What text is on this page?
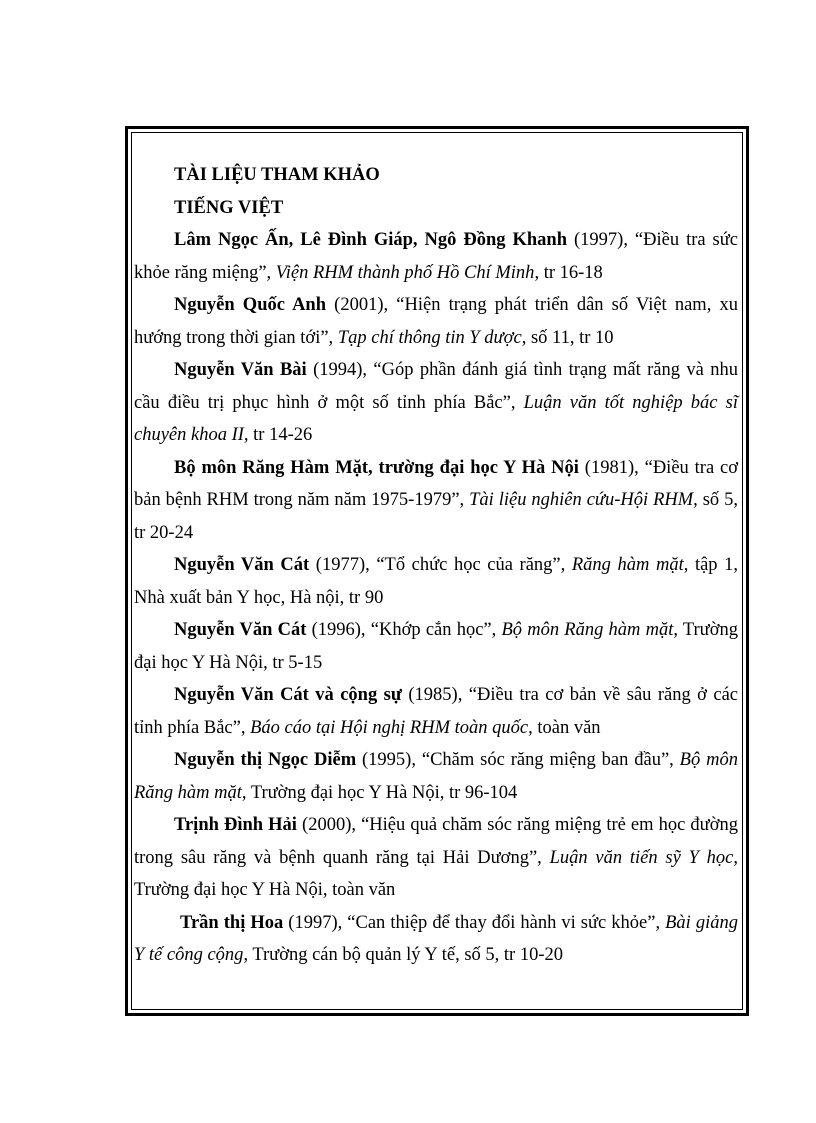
TÀI LIỆU THAM KHẢO
TIẾNG VIỆT

Lâm Ngọc Ấn, Lê Đình Giáp, Ngô Đồng Khanh (1997), “Điều tra sức khỏe răng miệng”, Viện RHM thành phố Hồ Chí Minh, tr 16-18

Nguyễn Quốc Anh (2001), “Hiện trạng phát triển dân số Việt nam, xu hướng trong thời gian tới”, Tạp chí thông tin Y dược, số 11, tr 10

Nguyễn Văn Bài (1994), “Góp phần đánh giá tình trạng mất răng và nhu cầu điều trị phục hình ở một số tỉnh phía Bắc”, Luận văn tốt nghiệp bác sĩ chuyên khoa II, tr 14-26

Bộ môn Răng Hàm Mặt, trường đại học Y Hà Nội (1981), “Điều tra cơ bản bệnh RHM trong năm năm 1975-1979”, Tài liệu nghiên cứu-Hội RHM, số 5, tr 20-24

Nguyễn Văn Cát (1977), “Tổ chức học của răng”, Răng hàm mặt, tập 1, Nhà xuất bản Y học, Hà nội, tr 90

Nguyễn Văn Cát (1996), “Khớp cắn học”, Bộ môn Răng hàm mặt, Trường đại học Y Hà Nội, tr 5-15

Nguyễn Văn Cát và cộng sự (1985), “Điều tra cơ bản về sâu răng ở các tỉnh phía Bắc”, Báo cáo tại Hội nghị RHM toàn quốc, toàn văn

Nguyễn thị Ngọc Diễm (1995), “Chăm sóc răng miệng ban đầu”, Bộ môn Răng hàm mặt, Trường đại học Y Hà Nội, tr 96-104

Trịnh Đình Hải (2000), “Hiệu quả chăm sóc răng miệng trẻ em học đường trong sâu răng và bệnh quanh răng tại Hải Dương”, Luận văn tiến sỹ Y học, Trường đại học Y Hà Nội, toàn văn

Trần thị Hoa (1997), “Can thiệp để thay đổi hành vi sức khỏe”, Bài giảng Y tế công cộng, Trường cán bộ quản lý Y tế, số 5, tr 10-20
